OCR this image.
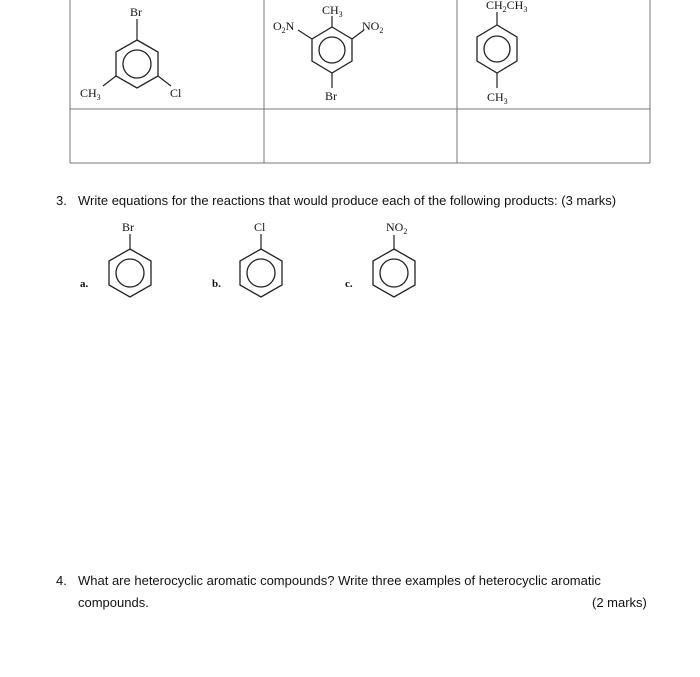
Br
$CH_3$	Cl
$CH_3$
$O_2N$	$NO_2$
Br
$CH_2CH_3$
$CH_3$
a.
Br
b.
Cl
c.
$NO_2$
3. Write equations for the reactions that would produce each of the following products: (3 marks)
4. What are heterocyclic aromatic compounds? Write three examples of heterocyclic aromatic
compounds.	(2 marks)
